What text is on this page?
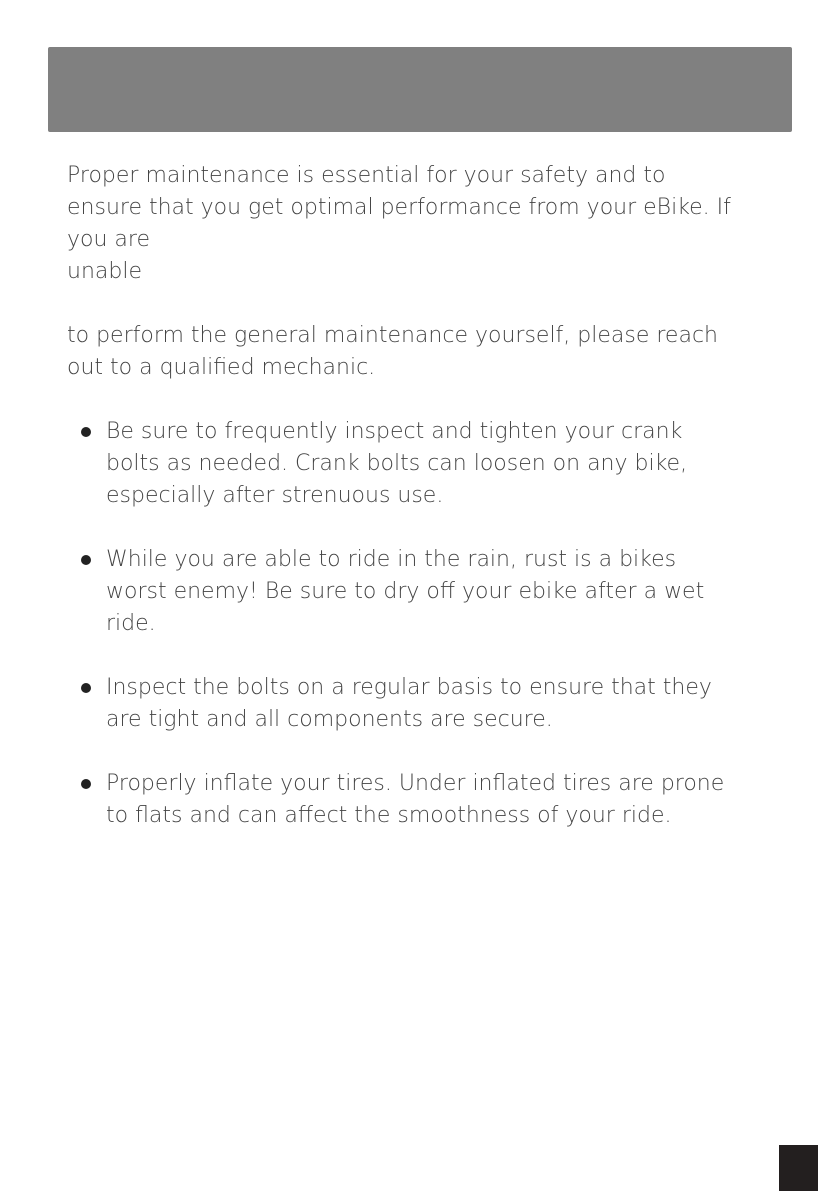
Proper maintenance is essential for your safety and to ensure that you get optimal performance from your eBike. If you are
unable

to perform the general maintenance yourself, please reach out to a qualified mechanic.

Be sure to frequently inspect and tighten your crank bolts as needed. Crank bolts can loosen on any bike, especially after strenuous use.
While you are able to ride in the rain, rust is a bikes worst enemy! Be sure to dry off your ebike after a wet ride.
Inspect the bolts on a regular basis to ensure that they are tight and all components are secure.
Properly inflate your tires. Under inflated tires are prone to flats and can affect the smoothness of your ride.
